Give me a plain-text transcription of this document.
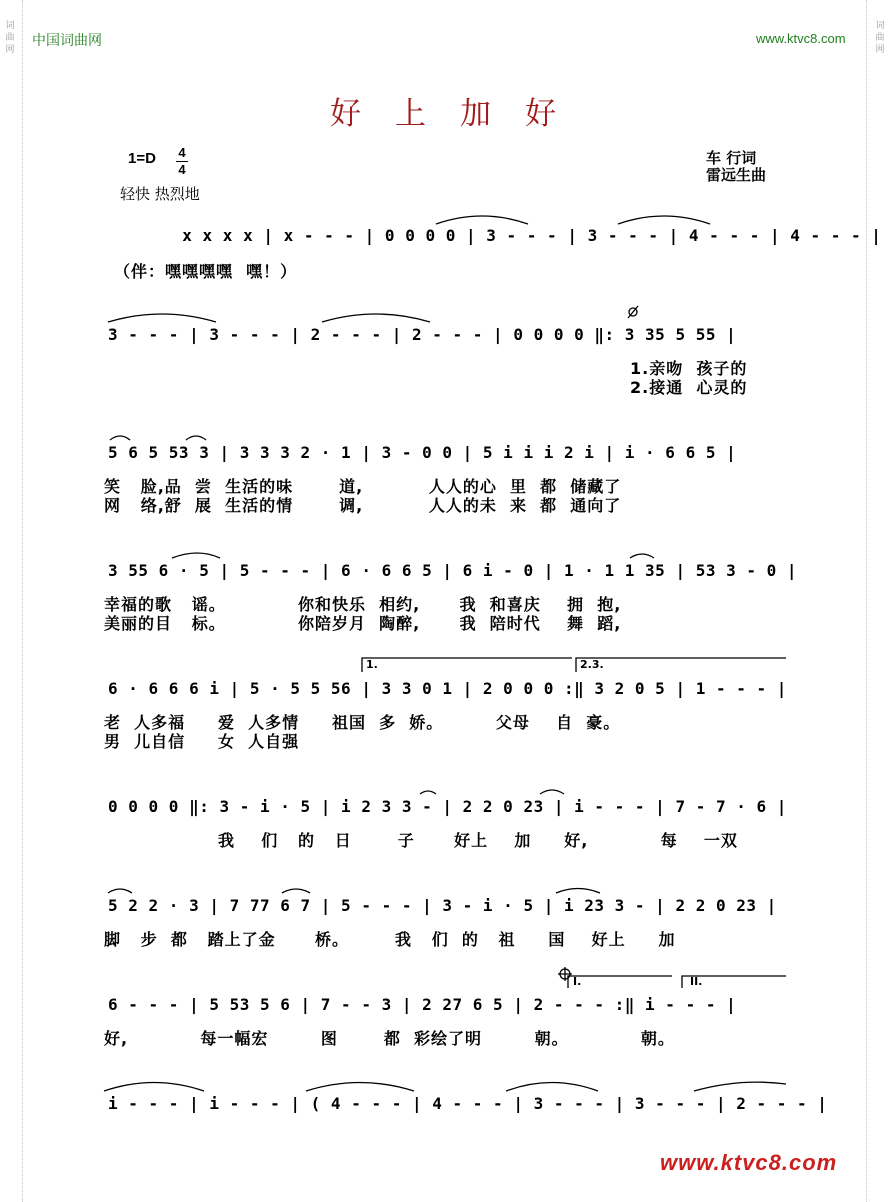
词
曲
网
词
曲
网
中国词曲网	www.ktvc8.com
好上加好
1=D 4
4
轻快 热烈地
车 行词
雷远生曲
x x x x | x - - - | 0 0 0 0 | 3 - - - | 3 - - - | 4 - - - | 4 - - - |
（伴：嘿嘿嘿嘿  嘿！）
3 - - - | 3 - - - | 2 - - - | 2 - - - | 0 0 0 0 ‖: 3 35 5 55 |
1.亲吻  孩子的
2.接通  心灵的
5 6 5 53 3 | 3 3 3 2 · 1 | 3 - 0 0 | 5 i i i 2 i | i · 6 6 5 |
笑   脸,品  尝  生活的味       道,          人人的心  里  都  储藏了
网   络,舒  展  生活的情       调,          人人的未  来  都  通向了
3 55 6 · 5 | 5 - - - | 6 · 6 6 5 | 6 i - 0 | 1 · 1 1 35 | 53 3 - 0 |
幸福的歌   谣。           你和快乐  相约,      我  和喜庆    拥  抱,
美丽的目   标。           你陪岁月  陶醉,      我  陪时代    舞  蹈,
6 · 6 6 6 i | 5 · 5 5 56 | 3 3 0 1 | 2 0 0 0 :‖ 3 2 0 5 | 1 - - - |
老  人多福     爱  人多情     祖国  多  娇。        父母    自  豪。
男  儿自信     女  人自强
0 0 0 0 ‖: 3 - i · 5 | i 2 3 3 - | 2 2 0 23 | i - - - | 7 - 7 · 6 |
我    们   的   日       子      好上    加     好,           每    一双
5 2 2 · 3 | 7 77 6 7 | 5 - - - | 3 - i · 5 | i 23 3 - | 2 2 0 23 |
脚   步  都   踏上了金      桥。       我   们  的   祖     国    好上     加
6 - - - | 5 53 5 6 | 7 - - 3 | 2 27 6 5 | 2 - - - :‖ i - - - |
好,           每一幅宏        图       都  彩绘了明        朝。           朝。
i - - - | i - - - | ( 4 - - - | 4 - - - | 3 - - - | 3 - - - | 2 - - - |
1.	2.3.
I.	II.
www.ktvc8.com
